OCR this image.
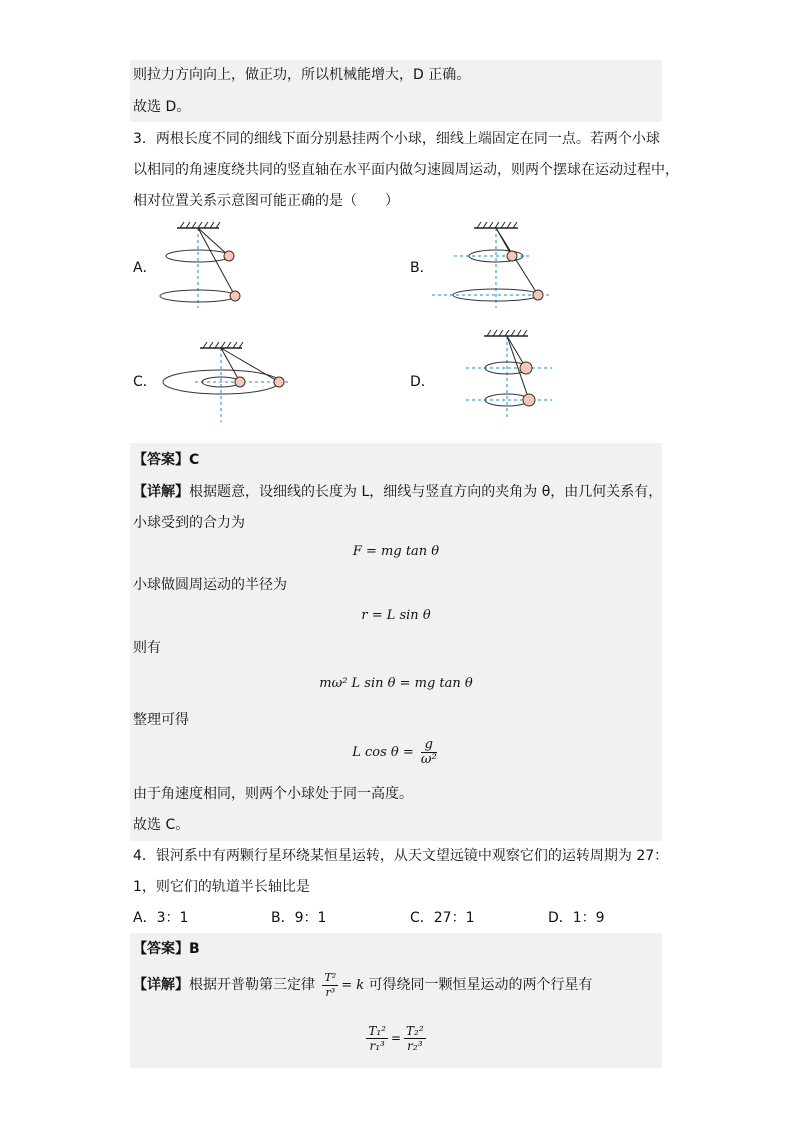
则拉力方向向上，做正功，所以机械能增大，D 正确。
故选 D。
3．两根长度不同的细线下面分别悬挂两个小球，细线上端固定在同一点。若两个小球
以相同的角速度绕共同的竖直轴在水平面内做匀速圆周运动，则两个摆球在运动过程中，
相对位置关系示意图可能正确的是（　　）
A．	B．
C．	D．
【答案】C
【详解】根据题意，设细线的长度为 L，细线与竖直方向的夹角为 θ，由几何关系有，
小球受到的合力为
F = mg tan θ
小球做圆周运动的半径为
r = L sin θ
则有
mω² L sin θ = mg tan θ
整理可得
L $\cos \theta = \frac{g}{\text{ω²}}$
由于角速度相同，则两个小球处于同一高度。
故选 C。
4．银河系中有两颗行星环绕某恒星运转，从天文望远镜中观察它们的运转周期为 27：
1，则它们的轨道半长轴比是
A．3：1	B．9：1	C．27：1	D．1：9
【答案】B
【详解】根据开普勒第三定律 $\frac{\text{T²}}{\text{r³}} = k$ 可得绕同一颗恒星运动的两个行星有
$\frac{\text{T₁²}}{\text{r₁³}} = \frac{\text{T₂²}}{\text{r₂³}}$
